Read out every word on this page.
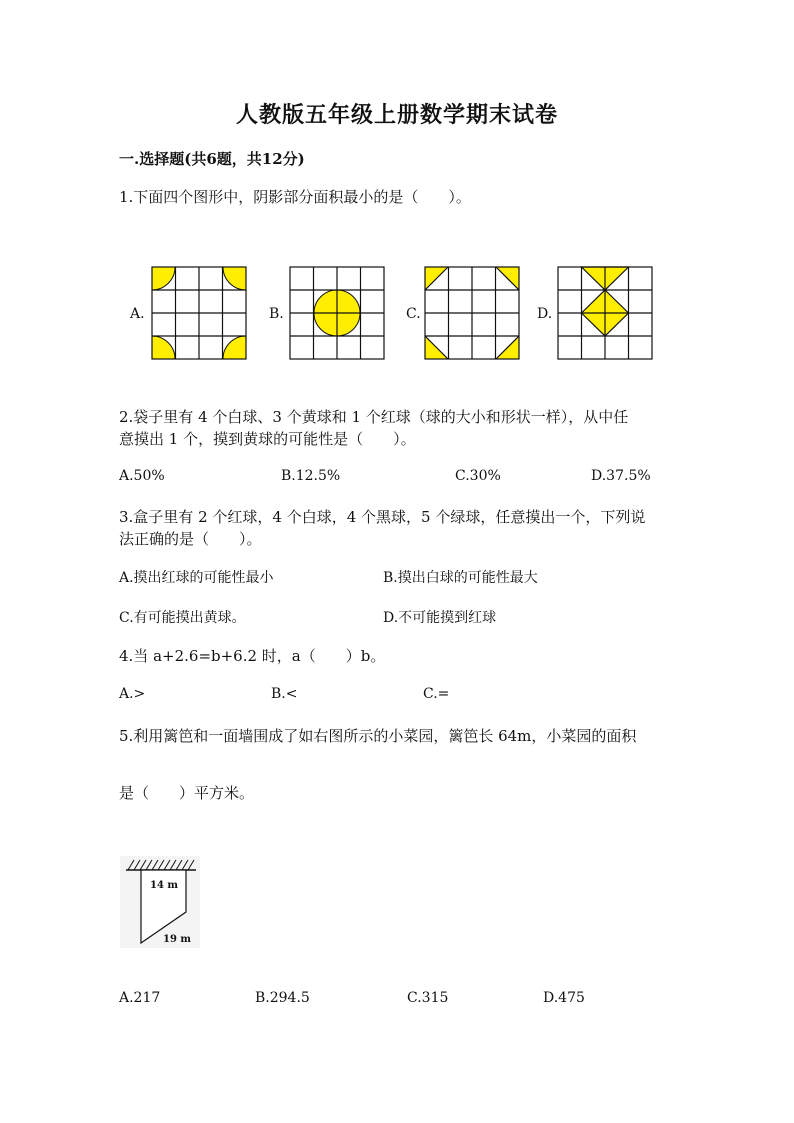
人教版五年级上册数学期末试卷
一.选择题(共6题，共12分)
1.下面四个图形中，阴影部分面积最小的是（　　）。
A.	B.	C.	D.
2.袋子里有 4 个白球、3 个黄球和 1 个红球（球的大小和形状一样），从中任
意摸出 1 个，摸到黄球的可能性是（　　）。
A.50%	B.12.5%	C.30%	D.37.5%
3.盒子里有 2 个红球，4 个白球，4 个黑球，5 个绿球，任意摸出一个，下列说
法正确的是（　　）。
A.摸出红球的可能性最小	B.摸出白球的可能性最大
C.有可能摸出黄球。	D.不可能摸到红球
4.当 a+2.6=b+6.2 时，a（　　）b。
A.>	B.<	C.=
5.利用篱笆和一面墙围成了如右图所示的小菜园，篱笆长 64m，小菜园的面积
是（　　）平方米。
14 m
19 m
A.217	B.294.5	C.315	D.475
